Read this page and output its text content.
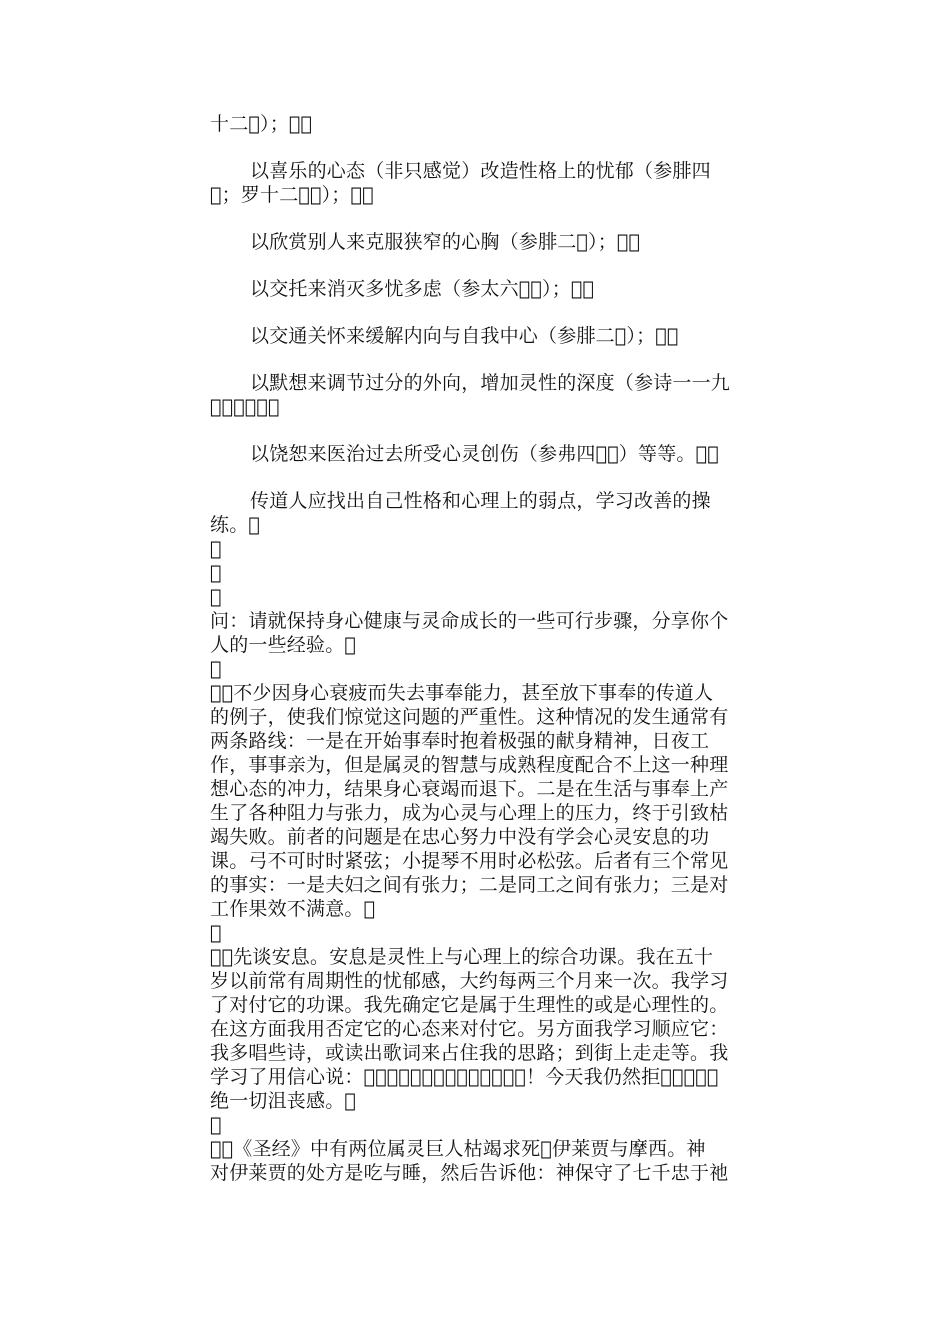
十二 ）；  
以喜乐的心态（非只感觉）改造性格上的忧郁（参腓四
 ；罗十二  ）；  
以欣赏别人来克服狭窄的心胸（参腓二 ）；  
以交托来消灭多忧多虑（参太六  ）；  
以交通关怀来缓解内向与自我中心（参腓二 ）；  
以默想来调节过分的外向，增加灵性的深度（参诗一一九
  ）；  
以饶恕来医治过去所受心灵创伤（参弗四  ）等等。  
传道人应找出自己性格和心理上的弱点，学习改善的操
练。 
 
 
 
问：请就保持身心健康与灵命成长的一些可行步骤，分享你个
人的一些经验。 
 
  不少因身心衰疲而失去事奉能力，甚至放下事奉的传道人
的例子，使我们惊觉这问题的严重性。这种情况的发生通常有
两条路线：一是在开始事奉时抱着极强的献身精神，日夜工
作，事事亲为，但是属灵的智慧与成熟程度配合不上这一种理
想心态的冲力，结果身心衰竭而退下。二是在生活与事奉上产
生了各种阻力与张力，成为心灵与心理上的压力，终于引致枯
竭失败。前者的问题是在忠心努力中没有学会心灵安息的功
课。弓不可时时紧弦；小提琴不用时必松弦。后者有三个常见
的事实：一是夫妇之间有张力；二是同工之间有张力；三是对
工作果效不满意。 
 
  先谈安息。安息是灵性上与心理上的综合功课。我在五十
岁以前常有周期性的忧郁感，大约每两三个月来一次。我学习
了对付它的功课。我先确定它是属于生理性的或是心理性的。
在这方面我用否定它的心态来对付它。另方面我学习顺应它：
我多唱些诗，或读出歌词来占住我的思路；到街上走走等。我
学习了用信心说：              ！今天我仍然拒     
绝一切沮丧感。 
 
  《圣经》中有两位属灵巨人枯竭求死 伊莱贾与摩西。神
对伊莱贾的处方是吃与睡，然后告诉他：神保守了七千忠于祂
